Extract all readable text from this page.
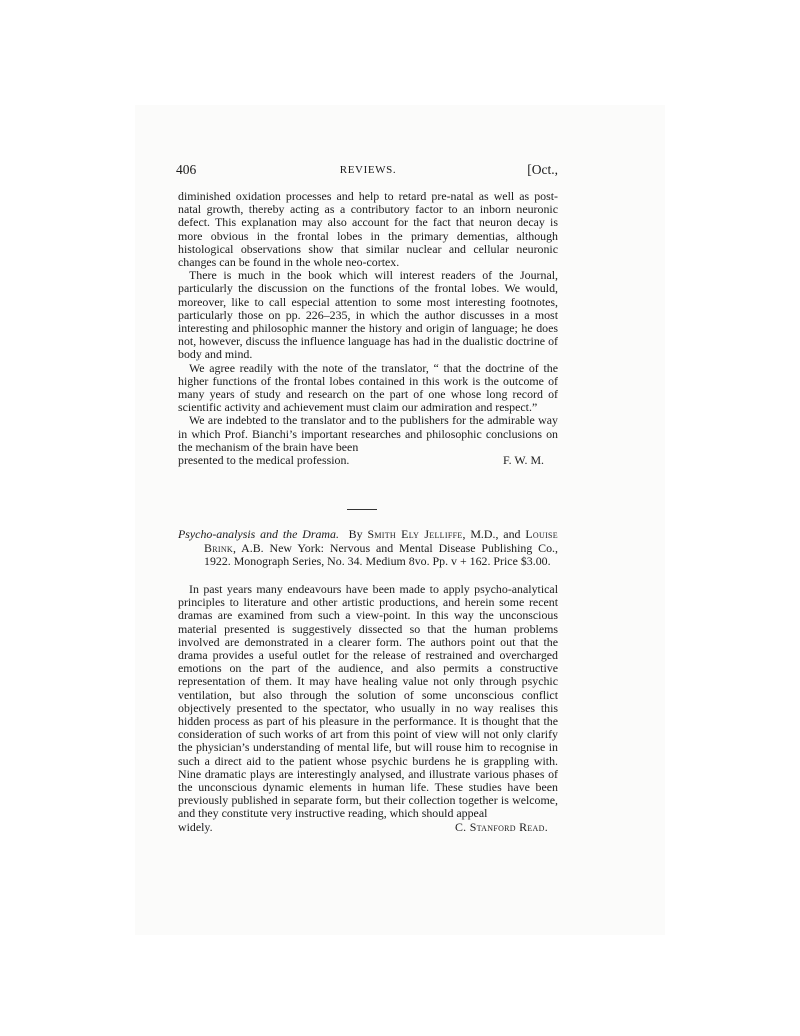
406	REVIEWS.	[Oct.,

diminished oxidation processes and help to retard pre-natal as well as post-natal growth, thereby acting as a contributory factor to an inborn neuronic defect. This explanation may also account for the fact that neuron decay is more obvious in the frontal lobes in the primary dementias, although histological observations show that similar nuclear and cellular neuronic changes can be found in the whole neo-cortex.

There is much in the book which will interest readers of the Journal, particularly the discussion on the functions of the frontal lobes. We would, moreover, like to call especial attention to some most interesting footnotes, particularly those on pp. 226–235, in which the author discusses in a most interesting and philosophic manner the history and origin of language; he does not, however, discuss the influence language has had in the dualistic doctrine of body and mind.

We agree readily with the note of the translator, “ that the doctrine of the higher functions of the frontal lobes contained in this work is the outcome of many years of study and research on the part of one whose long record of scientific activity and achievement must claim our admiration and respect.”

We are indebted to the translator and to the publishers for the admirable way in which Prof. Bianchi’s important researches and philosophic conclusions on the mechanism of the brain have been

presented to the medical profession.	F. W. M.

Psycho-analysis and the Drama. By Smith Ely Jelliffe, M.D., and Louise Brink, A.B. New York: Nervous and Mental Disease Publishing Co., 1922. Monograph Series, No. 34. Medium 8vo. Pp. v + 162. Price $3.00.

In past years many endeavours have been made to apply psycho-analytical principles to literature and other artistic productions, and herein some recent dramas are examined from such a view-point. In this way the unconscious material presented is suggestively dissected so that the human problems involved are demonstrated in a clearer form. The authors point out that the drama provides a useful outlet for the release of restrained and overcharged emotions on the part of the audience, and also permits a constructive representation of them. It may have healing value not only through psychic ventilation, but also through the solution of some unconscious conflict objectively presented to the spectator, who usually in no way realises this hidden process as part of his pleasure in the performance. It is thought that the consideration of such works of art from this point of view will not only clarify the physician’s understanding of mental life, but will rouse him to recognise in such a direct aid to the patient whose psychic burdens he is grappling with. Nine dramatic plays are interestingly analysed, and illustrate various phases of the unconscious dynamic elements in human life. These studies have been previously published in separate form, but their collection together is welcome, and they constitute very instructive reading, which should appeal

widely.	C. Stanford Read.
